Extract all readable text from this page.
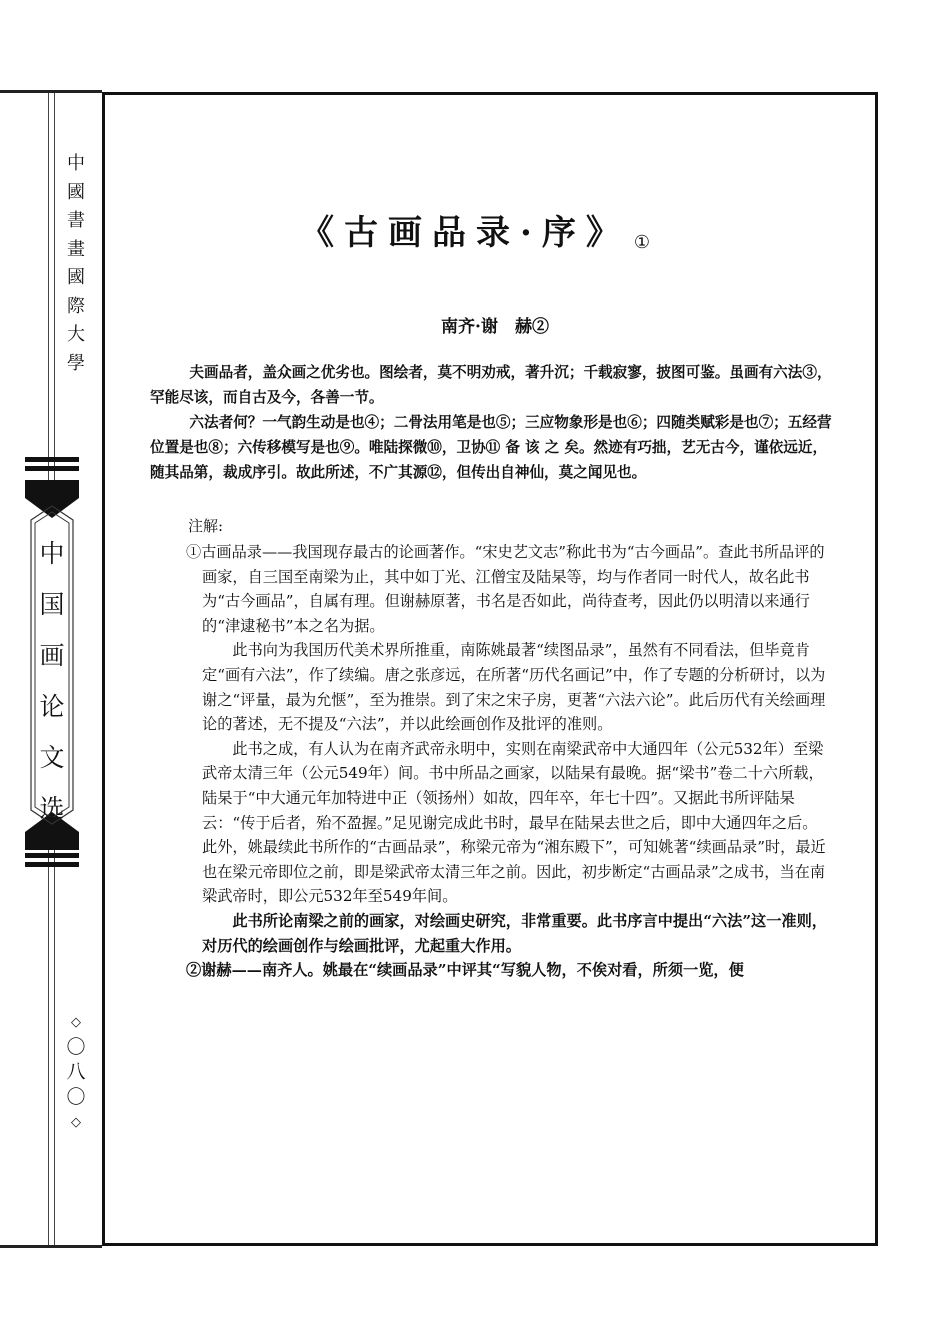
中
國
書
畫
國
際
大
學
中
国
画
论
文
选
◇
〇
八
〇
◇
《古画品录·序》 ①
南齐·谢　赫②

夫画品者，盖众画之优劣也。图绘者，莫不明劝戒，著升沉；千载寂寥，披图可鉴。虽画有六法③，罕能尽该，而自古及今，各善一节。

六法者何？一气韵生动是也④；二骨法用笔是也⑤；三应物象形是也⑥；四随类赋彩是也⑦；五经营位置是也⑧；六传移模写是也⑨。唯陆探微⑩，卫协⑪ 备 该 之 矣。然迹有巧拙，艺无古今，谨依远近，随其品第，裁成序引。故此所述，不广其源⑫，但传出自神仙，莫之闻见也。

注解:

①古画品录——我国现存最古的论画著作。“宋史艺文志”称此书为“古今画品”。查此书所品评的画家，自三国至南梁为止，其中如丁光、江僧宝及陆杲等，均与作者同一时代人，故名此书为“古今画品”，自属有理。但谢赫原著，书名是否如此，尚待查考，因此仍以明清以来通行的“津逮秘书”本之名为据。

此书向为我国历代美术界所推重，南陈姚最著“续图品录”，虽然有不同看法，但毕竟肯定“画有六法”，作了续编。唐之张彦远，在所著“历代名画记”中，作了专题的分析研讨，以为谢之“评量，最为允惬”，至为推崇。到了宋之宋子房，更著“六法六论”。此后历代有关绘画理论的著述，无不提及“六法”，并以此绘画创作及批评的准则。

此书之成，有人认为在南齐武帝永明中，实则在南梁武帝中大通四年（公元532年）至梁武帝太清三年（公元549年）间。书中所品之画家，以陆杲有最晚。据“梁书”卷二十六所载，陆杲于“中大通元年加特进中正（领扬州）如故，四年卒，年七十四”。又据此书所评陆杲云：“传于后者，殆不盈握。”足见谢完成此书时，最早在陆杲去世之后，即中大通四年之后。此外，姚最续此书所作的“古画品录”，称梁元帝为“湘东殿下”，可知姚著“续画品录”时，最近也在梁元帝即位之前，即是梁武帝太清三年之前。因此，初步断定“古画品录”之成书，当在南梁武帝时，即公元532年至549年间。

此书所论南梁之前的画家，对绘画史研究，非常重要。此书序言中提出“六法”这一准则，对历代的绘画创作与绘画批评，尤起重大作用。

②谢赫——南齐人。姚最在“续画品录”中评其“写貌人物，不俟对看，所须一览，便
